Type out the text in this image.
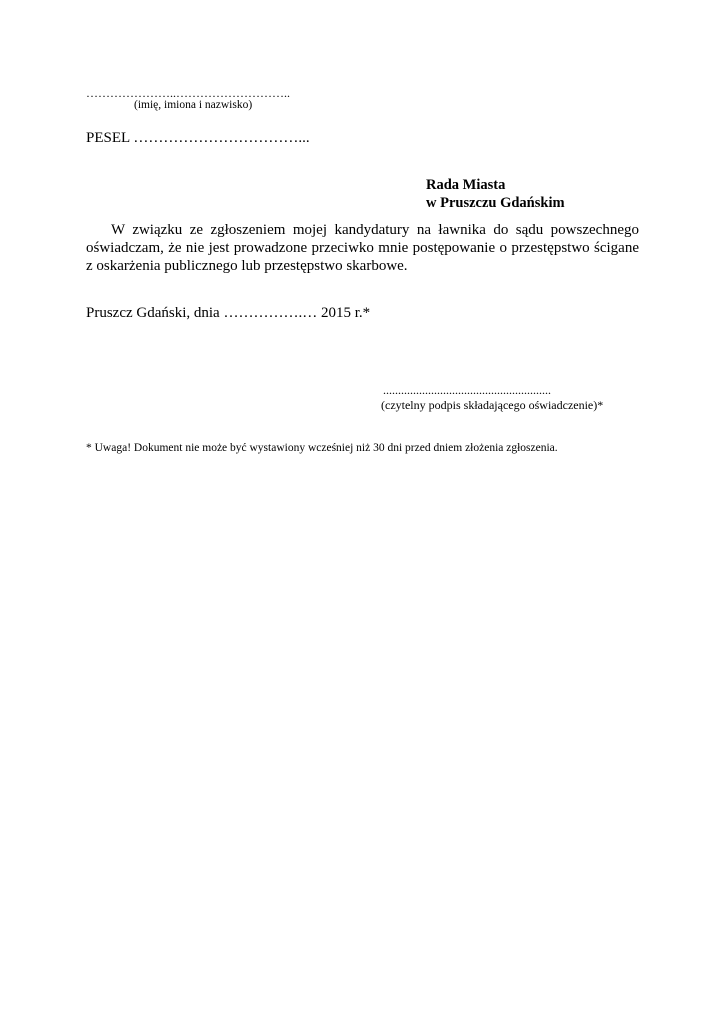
…………………..………………………..
(imię, imiona i nazwisko)
PESEL ……………………………...
Rada Miasta
w Pruszczu Gdańskim
W związku ze zgłoszeniem mojej kandydatury na ławnika do sądu powszechnego oświadczam, że nie jest prowadzone przeciwko mnie postępowanie o przestępstwo ścigane z oskarżenia publicznego lub przestępstwo skarbowe.
Pruszcz Gdański, dnia …………….… 2015 r.*
........................................................
(czytelny podpis składającego oświadczenie)*
* Uwaga! Dokument nie może być wystawiony wcześniej niż 30 dni przed dniem złożenia zgłoszenia.
